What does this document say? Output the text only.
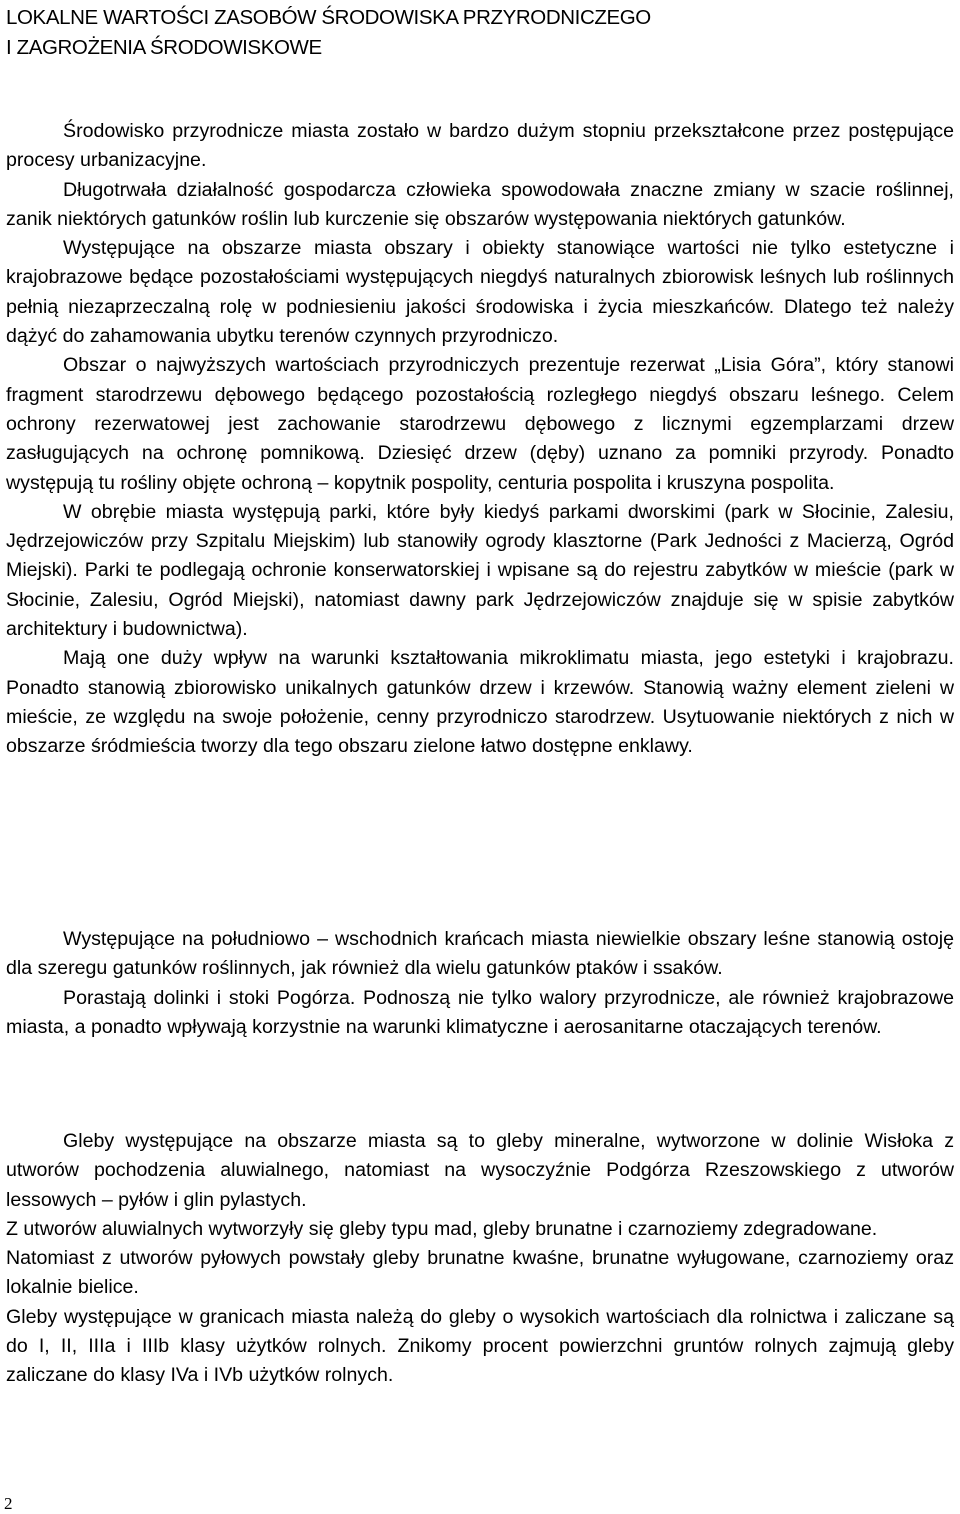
LOKALNE WARTOŚCI ZASOBÓW ŚRODOWISKA PRZYRODNICZEGO
I ZAGROŻENIA ŚRODOWISKOWE

Środowisko przyrodnicze miasta zostało w bardzo dużym stopniu przekształcone przez postępujące procesy urbanizacyjne.

Długotrwała działalność gospodarcza człowieka spowodowała znaczne zmiany w szacie roślinnej, zanik niektórych gatunków roślin lub kurczenie się obszarów występowania niektórych gatunków.

Występujące na obszarze miasta obszary i obiekty stanowiące wartości nie tylko estetyczne i krajobrazowe będące pozostałościami występujących niegdyś naturalnych zbiorowisk leśnych lub roślinnych pełnią niezaprzeczalną rolę w podniesieniu jakości środowiska i życia mieszkańców. Dlatego też należy dążyć do zahamowania ubytku terenów czynnych przyrodniczo.

Obszar o najwyższych wartościach przyrodniczych prezentuje rezerwat „Lisia Góra”, który stanowi fragment starodrzewu dębowego będącego pozostałością rozległego niegdyś obszaru leśnego. Celem ochrony rezerwatowej jest zachowanie starodrzewu dębowego z licznymi egzemplarzami drzew zasługujących na ochronę pomnikową. Dziesięć drzew (dęby) uznano za pomniki przyrody. Ponadto występują tu rośliny objęte ochroną – kopytnik pospolity, centuria pospolita i kruszyna pospolita.

W obrębie miasta występują parki, które były kiedyś parkami dworskimi (park w Słocinie, Zalesiu, Jędrzejowiczów przy Szpitalu Miejskim) lub stanowiły ogrody klasztorne (Park Jedności z Macierzą, Ogród Miejski). Parki te podlegają ochronie konserwatorskiej i wpisane są do rejestru zabytków w mieście (park w Słocinie, Zalesiu, Ogród Miejski), natomiast dawny park Jędrzejowiczów znajduje się w spisie zabytków architektury i budownictwa).

Mają one duży wpływ na warunki kształtowania mikroklimatu miasta, jego estetyki i krajobrazu. Ponadto stanowią zbiorowisko unikalnych gatunków drzew i krzewów. Stanowią ważny element zieleni w mieście, ze względu na swoje położenie, cenny przyrodniczo starodrzew. Usytuowanie niektórych z nich w obszarze śródmieścia tworzy dla tego obszaru zielone łatwo dostępne enklawy.

Występujące na południowo – wschodnich krańcach miasta niewielkie obszary leśne stanowią ostoję dla szeregu gatunków roślinnych, jak również dla wielu gatunków ptaków i ssaków.

Porastają dolinki i stoki Pogórza. Podnoszą nie tylko walory przyrodnicze, ale również krajobrazowe miasta, a ponadto wpływają korzystnie na warunki klimatyczne i aerosanitarne otaczających terenów.

Gleby występujące na obszarze miasta są to gleby mineralne, wytworzone w dolinie Wisłoka z utworów pochodzenia aluwialnego, natomiast na wysoczyźnie Podgórza Rzeszowskiego z utworów lessowych – pyłów i glin pylastych.

Z utworów aluwialnych wytworzyły się gleby typu mad, gleby brunatne i czarnoziemy zdegradowane.

Natomiast z utworów pyłowych powstały gleby brunatne kwaśne, brunatne wyługowane, czarnoziemy oraz lokalnie bielice.

Gleby występujące w granicach miasta należą do gleby o wysokich wartościach dla rolnictwa i zaliczane są do I, II, IIIa i IIIb klasy użytków rolnych. Znikomy procent powierzchni gruntów rolnych zajmują gleby zaliczane do klasy IVa i IVb użytków rolnych.

2
